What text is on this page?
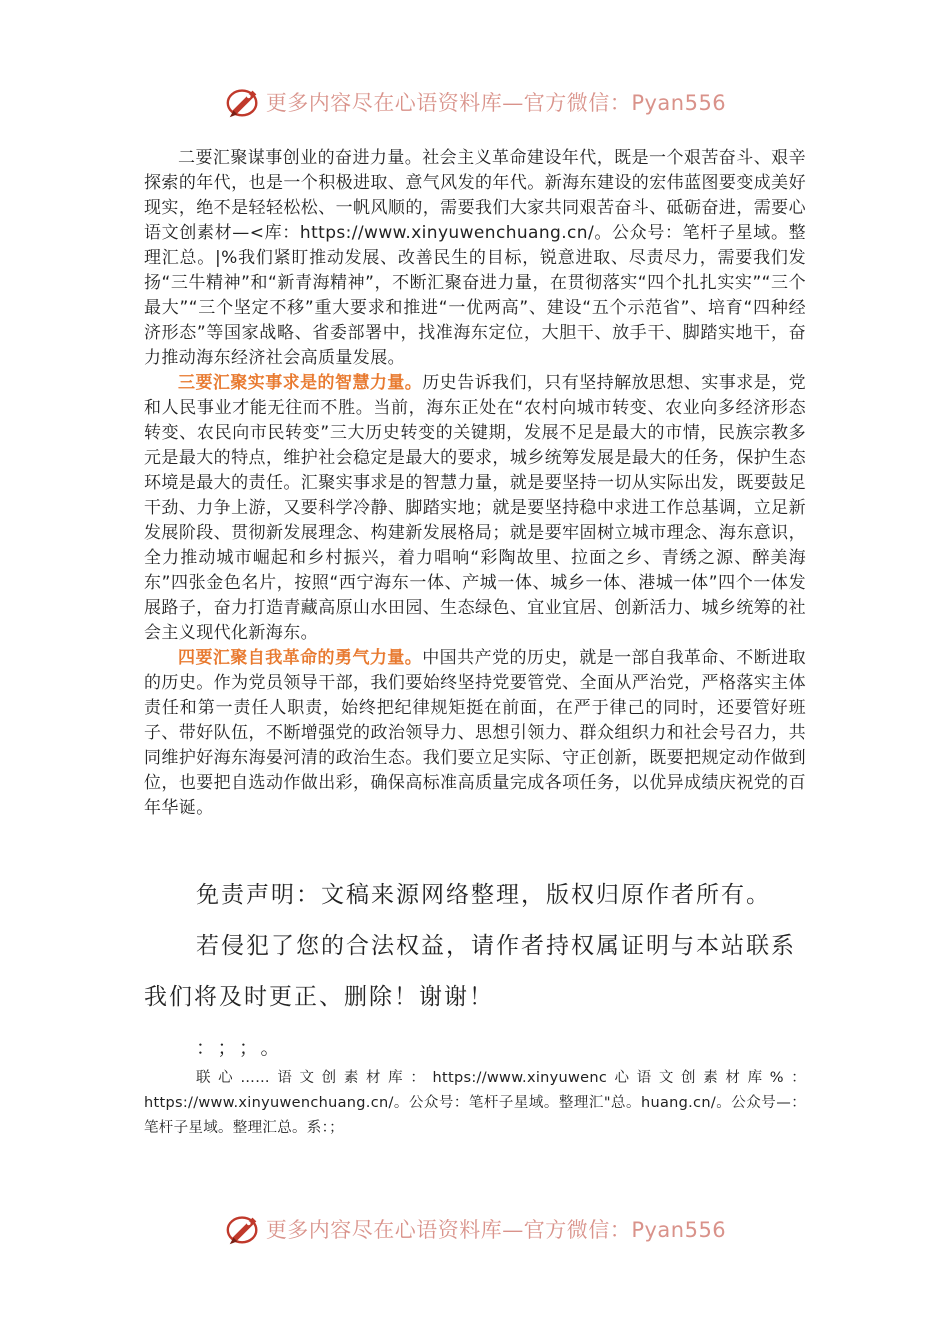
更多内容尽在心语资料库—官方微信：Pyan556

二要汇聚谋事创业的奋进力量。社会主义革命建设年代，既是一个艰苦奋斗、艰辛探索的年代，也是一个积极进取、意气风发的年代。新海东建设的宏伟蓝图要变成美好现实，绝不是轻轻松松、一帆风顺的，需要我们大家共同艰苦奋斗、砥砺奋进，需要心语文创素材—<库：https://www.xinyuwenchuang.cn/。公众号：笔杆子星域。整理汇总。|%我们紧盯推动发展、改善民生的目标，锐意进取、尽责尽力，需要我们发扬“三牛精神”和“新青海精神”，不断汇聚奋进力量，在贯彻落实“四个扎扎实实”“三个最大”“三个坚定不移”重大要求和推进“一优两高”、建设“五个示范省”、培育“四种经济形态”等国家战略、省委部署中，找准海东定位，大胆干、放手干、脚踏实地干，奋力推动海东经济社会高质量发展。

三要汇聚实事求是的智慧力量。历史告诉我们，只有坚持解放思想、实事求是，党和人民事业才能无往而不胜。当前，海东正处在“农村向城市转变、农业向多经济形态转变、农民向市民转变”三大历史转变的关键期，发展不足是最大的市情，民族宗教多元是最大的特点，维护社会稳定是最大的要求，城乡统筹发展是最大的任务，保护生态环境是最大的责任。汇聚实事求是的智慧力量，就是要坚持一切从实际出发，既要鼓足干劲、力争上游，又要科学冷静、脚踏实地；就是要坚持稳中求进工作总基调，立足新发展阶段、贯彻新发展理念、构建新发展格局；就是要牢固树立城市理念、海东意识，全力推动城市崛起和乡村振兴，着力唱响“彩陶故里、拉面之乡、青绣之源、醉美海东”四张金色名片，按照“西宁海东一体、产城一体、城乡一体、港城一体”四个一体发展路子，奋力打造青藏高原山水田园、生态绿色、宜业宜居、创新活力、城乡统筹的社会主义现代化新海东。

四要汇聚自我革命的勇气力量。中国共产党的历史，就是一部自我革命、不断进取的历史。作为党员领导干部，我们要始终坚持党要管党、全面从严治党，严格落实主体责任和第一责任人职责，始终把纪律规矩挺在前面，在严于律己的同时，还要管好班子、带好队伍，不断增强党的政治领导力、思想引领力、群众组织力和社会号召力，共同维护好海东海晏河清的政治生态。我们要立足实际、守正创新，既要把规定动作做到位，也要把自选动作做出彩，确保高标准高质量完成各项任务，以优异成绩庆祝党的百年华诞。

免责声明：文稿来源网络整理，版权归原作者所有。

若侵犯了您的合法权益，请作者持权属证明与本站联系

我们将及时更正、删除！谢谢！

：；；。

联心……语文创素材库：https://www.xinyuwenc心语文创素材库%：https://www.xinyuwenchuang.cn/。公众号：笔杆子星域。整理汇"总。huang.cn/。公众号—：笔杆子星域。整理汇总。系：；

更多内容尽在心语资料库—官方微信：Pyan556
